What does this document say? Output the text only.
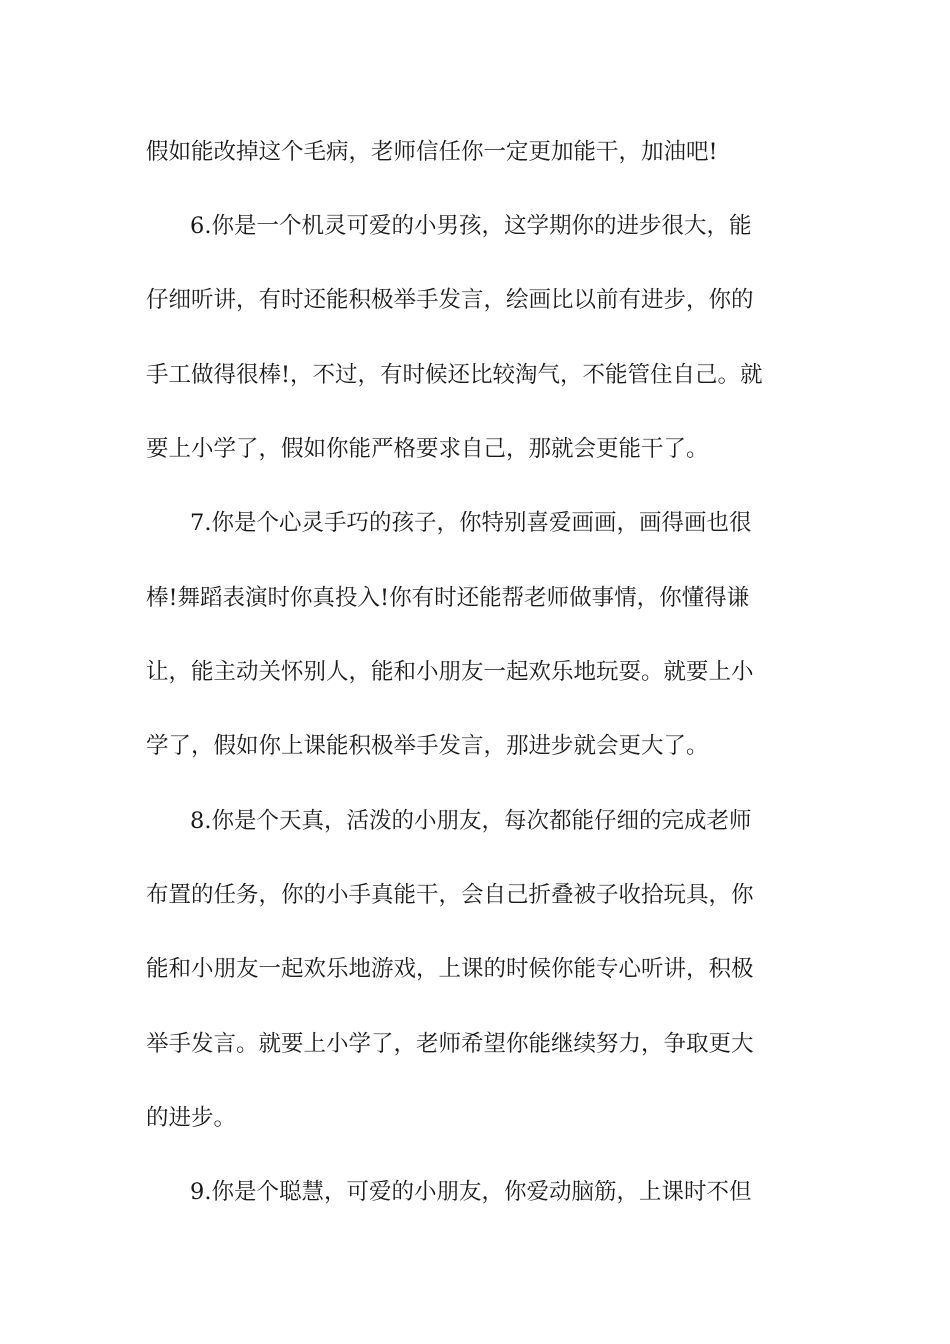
假如能改掉这个毛病，老师信任你一定更加能干，加油吧!
6.你是一个机灵可爱的小男孩，这学期你的进步很大，能
仔细听讲，有时还能积极举手发言，绘画比以前有进步，你的
手工做得很棒!，不过，有时候还比较淘气，不能管住自己。就
要上小学了，假如你能严格要求自己，那就会更能干了。
7.你是个心灵手巧的孩子，你特别喜爱画画，画得画也很
棒!舞蹈表演时你真投入!你有时还能帮老师做事情，你懂得谦
让，能主动关怀别人，能和小朋友一起欢乐地玩耍。就要上小
学了，假如你上课能积极举手发言，那进步就会更大了。
8.你是个天真，活泼的小朋友，每次都能仔细的完成老师
布置的任务，你的小手真能干，会自己折叠被子收拾玩具，你
能和小朋友一起欢乐地游戏，上课的时候你能专心听讲，积极
举手发言。就要上小学了，老师希望你能继续努力，争取更大
的进步。
9.你是个聪慧，可爱的小朋友，你爱动脑筋，上课时不但
